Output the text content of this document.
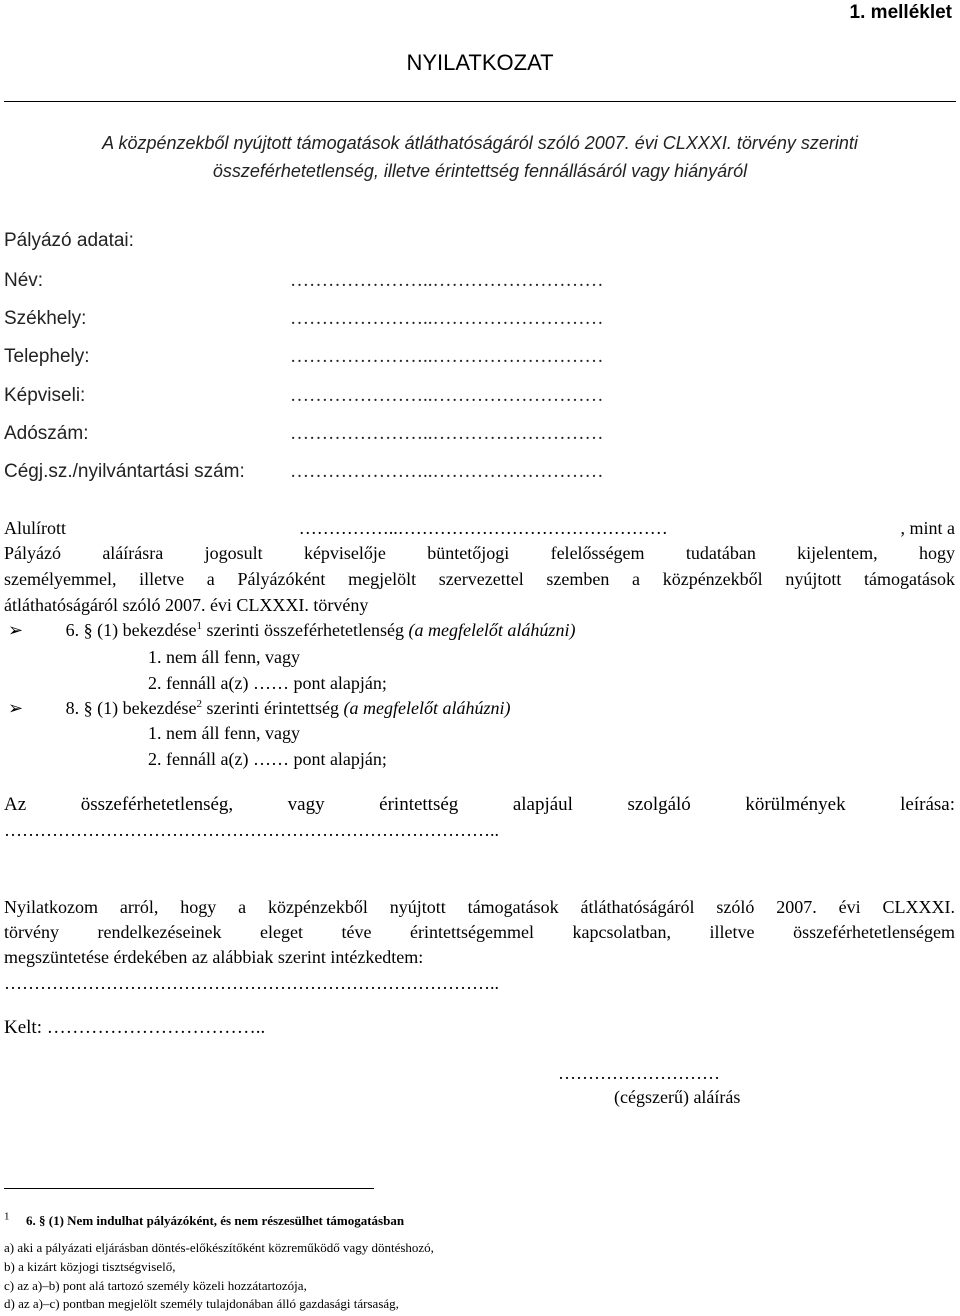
1. melléklet
NYILATKOZAT
A közpénzekből nyújtott támogatások átláthatóságáról szóló 2007. évi CLXXXI. törvény szerinti
összeférhetetlenség, illetve érintettség fennállásáról vagy hiányáról
Pályázó adatai:
Név:	…………………..………………………
Székhely:	…………………..………………………
Telephely:	…………………..………………………
Képviseli:	…………………..………………………
Adószám:	…………………..………………………
Cégj.sz./nyilvántartási szám: …………………..………………………
Alulírott	……………..………………………………………	, mint a
Pályázó aláírásra jogosult képviselője büntetőjogi felelősségem tudatában kijelentem, hogy
személyemmel, illetve a Pályázóként megjelölt szervezettel szemben a közpénzekből nyújtott támogatások
átláthatóságáról szóló 2007. évi CLXXXI. törvény
➢ 6. § (1) bekezdése$^1$ szerinti összeférhetetlenség (a megfelelőt aláhúzni)
1. nem áll fenn, vagy
2. fennáll a(z) …… pont alapján;
➢ 8. § (1) bekezdése$^2$ szerinti érintettség (a megfelelőt aláhúzni)
1. nem áll fenn, vagy
2. fennáll a(z) …… pont alapján;
Az összeférhetetlenség, vagy érintettség alapjául szolgáló körülmények leírása:
………………………………………………………………………..
Nyilatkozom arról, hogy a közpénzekből nyújtott támogatások átláthatóságáról szóló 2007. évi CLXXXI.
törvény rendelkezéseinek eleget téve érintettségemmel kapcsolatban, illetve összeférhetetlenségem
megszüntetése érdekében az alábbiak szerint intézkedtem:
………………………………………………………………………..
Kelt: ……………………………..
………………………
(cégszerű) aláírás
$^1$ 6. § (1) Nem indulhat pályázóként, és nem részesülhet támogatásban
a) aki a pályázati eljárásban döntés-előkészítőként közreműködő vagy döntéshozó,
b) a kizárt közjogi tisztségviselő,
c) az a)–b) pont alá tartozó személy közeli hozzátartozója,
d) az a)–c) pontban megjelölt személy tulajdonában álló gazdasági társaság,
